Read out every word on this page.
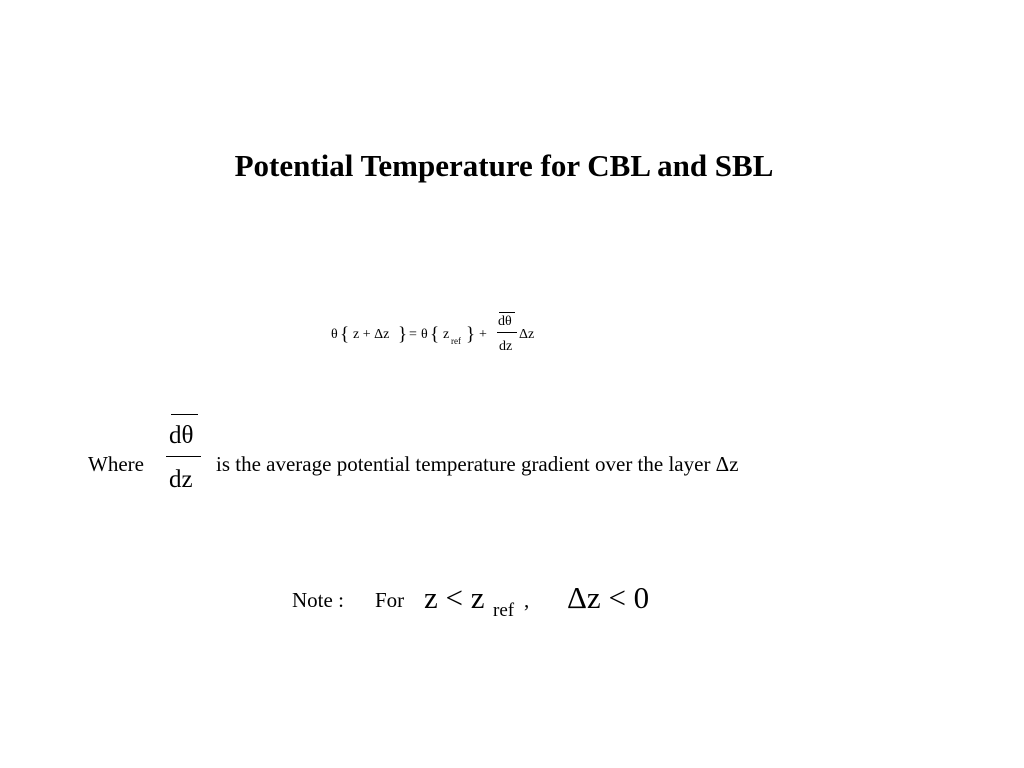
Potential Temperature for CBL and SBL
θ { z + Δz } = θ { z ref } +
dθ
dz
Δz
Where
dθ
dz
is the average potential temperature gradient over the layer Δz
Note : For z < z ref , Δz < 0
